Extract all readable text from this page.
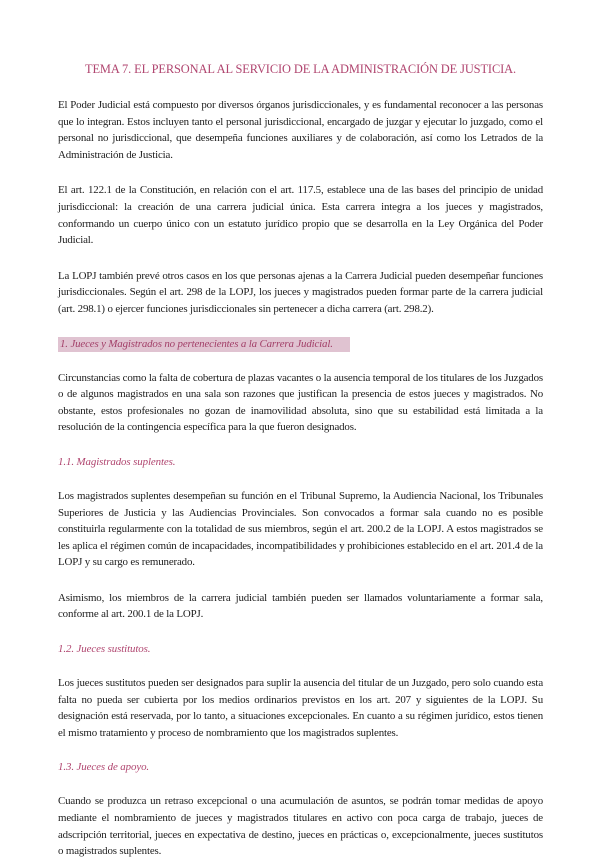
TEMA 7. EL PERSONAL AL SERVICIO DE LA ADMINISTRACIÓN DE JUSTICIA.

El Poder Judicial está compuesto por diversos órganos jurisdiccionales, y es fundamental reconocer a las personas que lo integran. Estos incluyen tanto el personal jurisdiccional, encargado de juzgar y ejecutar lo juzgado, como el personal no jurisdiccional, que desempeña funciones auxiliares y de colaboración, así como los Letrados de la Administración de Justicia.

El art. 122.1 de la Constitución, en relación con el art. 117.5, establece una de las bases del principio de unidad jurisdiccional: la creación de una carrera judicial única. Esta carrera integra a los jueces y magistrados, conformando un cuerpo único con un estatuto jurídico propio que se desarrolla en la Ley Orgánica del Poder Judicial.

La LOPJ también prevé otros casos en los que personas ajenas a la Carrera Judicial pueden desempeñar funciones jurisdiccionales. Según el art. 298 de la LOPJ, los jueces y magistrados pueden formar parte de la carrera judicial (art. 298.1) o ejercer funciones jurisdiccionales sin pertenecer a dicha carrera (art. 298.2).

1. Jueces y Magistrados no pertenecientes a la Carrera Judicial.

Circunstancias como la falta de cobertura de plazas vacantes o la ausencia temporal de los titulares de los Juzgados o de algunos magistrados en una sala son razones que justifican la presencia de estos jueces y magistrados. No obstante, estos profesionales no gozan de inamovilidad absoluta, sino que su estabilidad está limitada a la resolución de la contingencia específica para la que fueron designados.

1.1. Magistrados suplentes.

Los magistrados suplentes desempeñan su función en el Tribunal Supremo, la Audiencia Nacional, los Tribunales Superiores de Justicia y las Audiencias Provinciales. Son convocados a formar sala cuando no es posible constituirla regularmente con la totalidad de sus miembros, según el art. 200.2 de la LOPJ. A estos magistrados se les aplica el régimen común de incapacidades, incompatibilidades y prohibiciones establecido en el art. 201.4 de la LOPJ y su cargo es remunerado.

Asimismo, los miembros de la carrera judicial también pueden ser llamados voluntariamente a formar sala, conforme al art. 200.1 de la LOPJ.

1.2. Jueces sustitutos.

Los jueces sustitutos pueden ser designados para suplir la ausencia del titular de un Juzgado, pero solo cuando esta falta no pueda ser cubierta por los medios ordinarios previstos en los art. 207 y siguientes de la LOPJ. Su designación está reservada, por lo tanto, a situaciones excepcionales. En cuanto a su régimen jurídico, estos tienen el mismo tratamiento y proceso de nombramiento que los magistrados suplentes.

1.3. Jueces de apoyo.

Cuando se produzca un retraso excepcional o una acumulación de asuntos, se podrán tomar medidas de apoyo mediante el nombramiento de jueces y magistrados titulares en activo con poca carga de trabajo, jueces de adscripción territorial, jueces en expectativa de destino, jueces en prácticas o, excepcionalmente, jueces sustitutos o magistrados suplentes.
